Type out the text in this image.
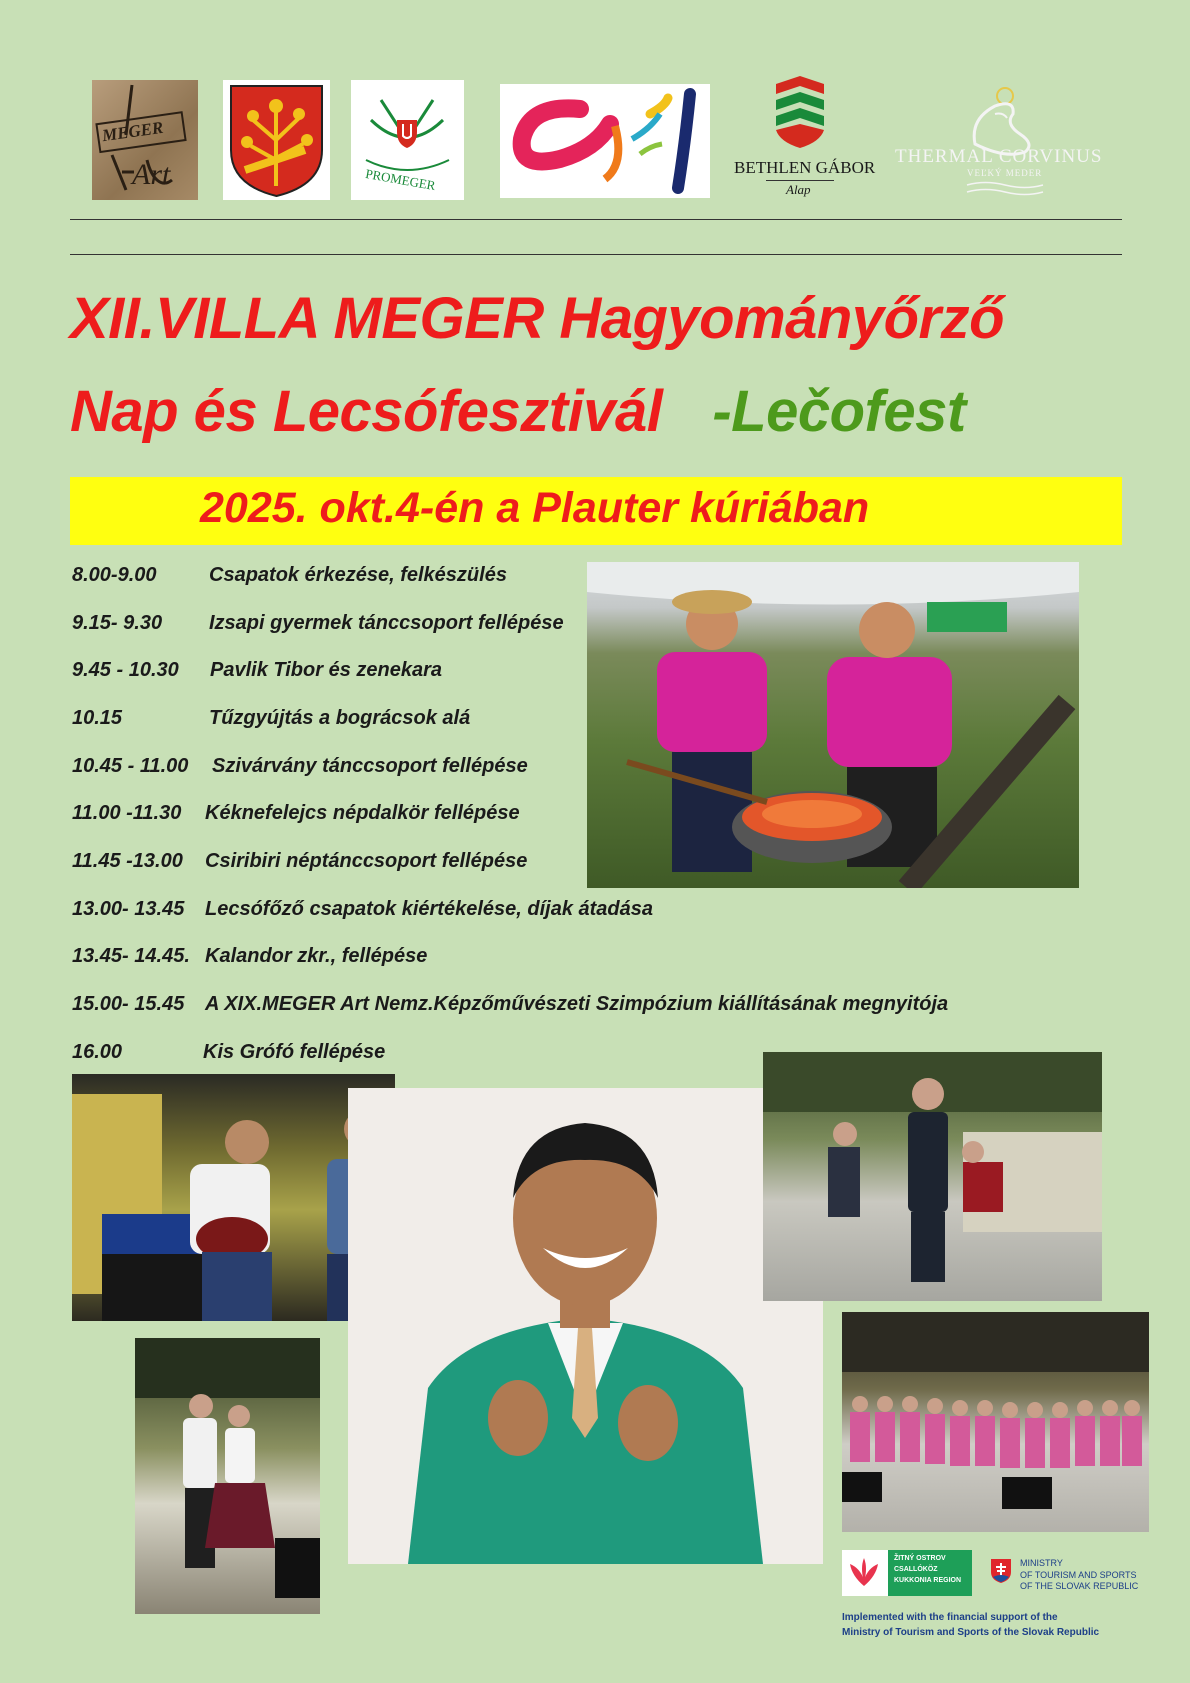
MEGER
Art	PROMEGER	BETHLEN GÁBOR
Alap
THERMAL CORVINUS
VEĽKÝ MEDER
XII.VILLA MEGER Hagyományőrző
Nap és Lecsófesztivál -Lečofest
2025. okt.4-én a Plauter kúriában
8.00-9.00	Csapatok érkezése, felkészülés
9.15- 9.30 Izsapi gyermek tánccsoport fellépése
9.45 - 10.30 Pavlik Tibor és zenekara
10.15	Tűzgyújtás a bográcsok alá
10.45 - 11.00 Szivárvány tánccsoport fellépése
11.00 -11.30 Kéknefelejcs népdalkör fellépése
11.45 -13.00 Csiribiri néptánccsoport fellépése
13.00- 13.45 Lecsófőző csapatok kiértékelése, díjak átadása
13.45- 14.45. Kalandor zkr., fellépése
15.00- 15.45 A XIX.MEGER Art Nemz.Képzőművészeti Szimpózium kiállításának megnyitója
16.00	Kis Grófó fellépése
ŽITNÝ OSTROV
CSALLÓKÖZ
KUKKONIA REGION
MINISTRY
OF TOURISM AND SPORTS
OF THE SLOVAK REPUBLIC
Implemented with the financial support of the
Ministry of Tourism and Sports of the Slovak Republic
